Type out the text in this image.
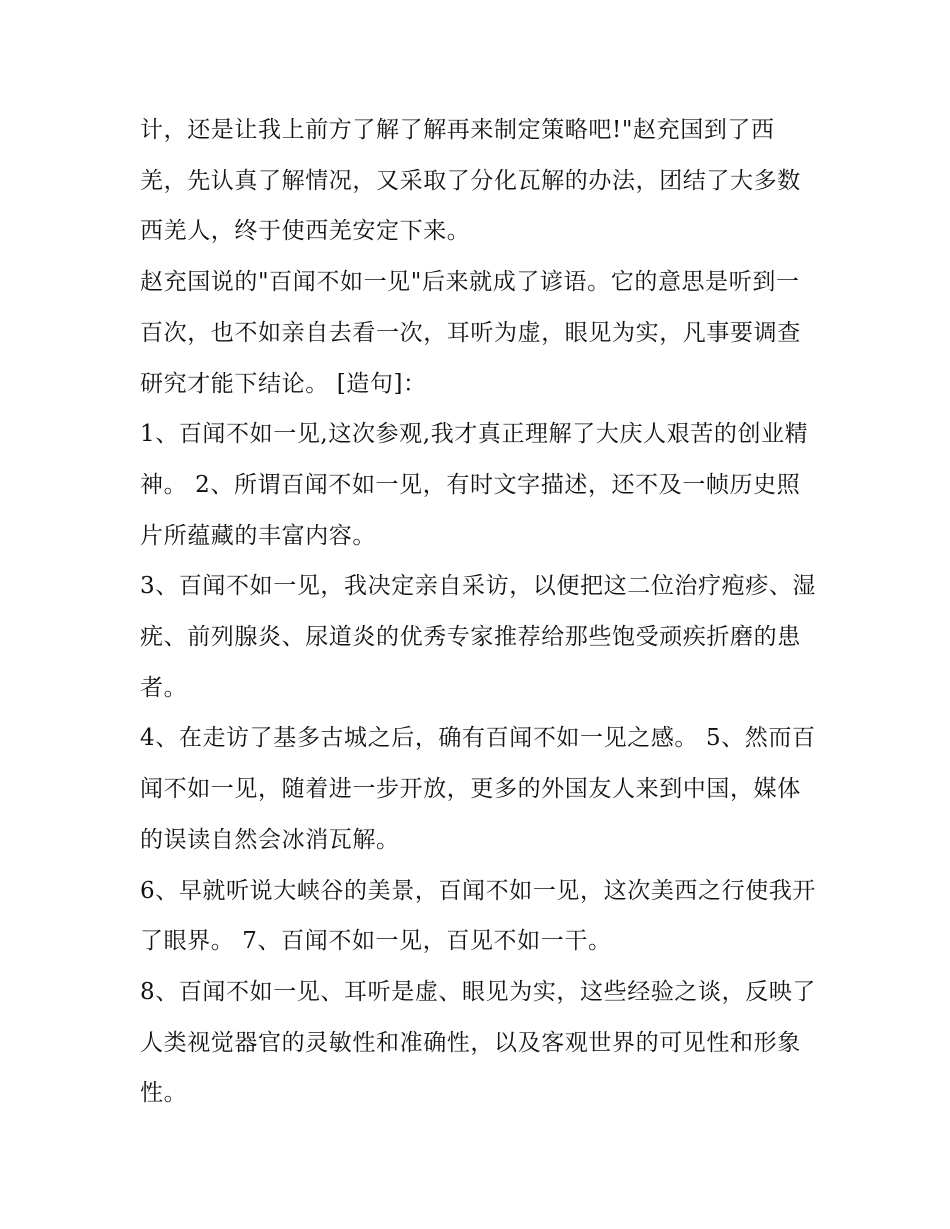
计，还是让我上前方了解了解再来制定策略吧!"赵充国到了西羌，先认真了解情况，又采取了分化瓦解的办法，团结了大多数西羌人，终于使西羌安定下来。

赵充国说的"百闻不如一见"后来就成了谚语。它的意思是听到一百次，也不如亲自去看一次，耳听为虚，眼见为实，凡事要调查研究才能下结论。 [造句]：

1、百闻不如一见,这次参观,我才真正理解了大庆人艰苦的创业精神。 2、所谓百闻不如一见，有时文字描述，还不及一帧历史照片所蕴藏的丰富内容。

3、百闻不如一见，我决定亲自采访，以便把这二位治疗疱疹、湿疣、前列腺炎、尿道炎的优秀专家推荐给那些饱受顽疾折磨的患者。

4、在走访了基多古城之后，确有百闻不如一见之感。 5、然而百闻不如一见，随着进一步开放，更多的外国友人来到中国，媒体的误读自然会冰消瓦解。

6、早就听说大峡谷的美景，百闻不如一见，这次美西之行使我开了眼界。 7、百闻不如一见，百见不如一干。

8、百闻不如一见、耳听是虚、眼见为实，这些经验之谈，反映了人类视觉器官的灵敏性和准确性，以及客观世界的可见性和形象性。
